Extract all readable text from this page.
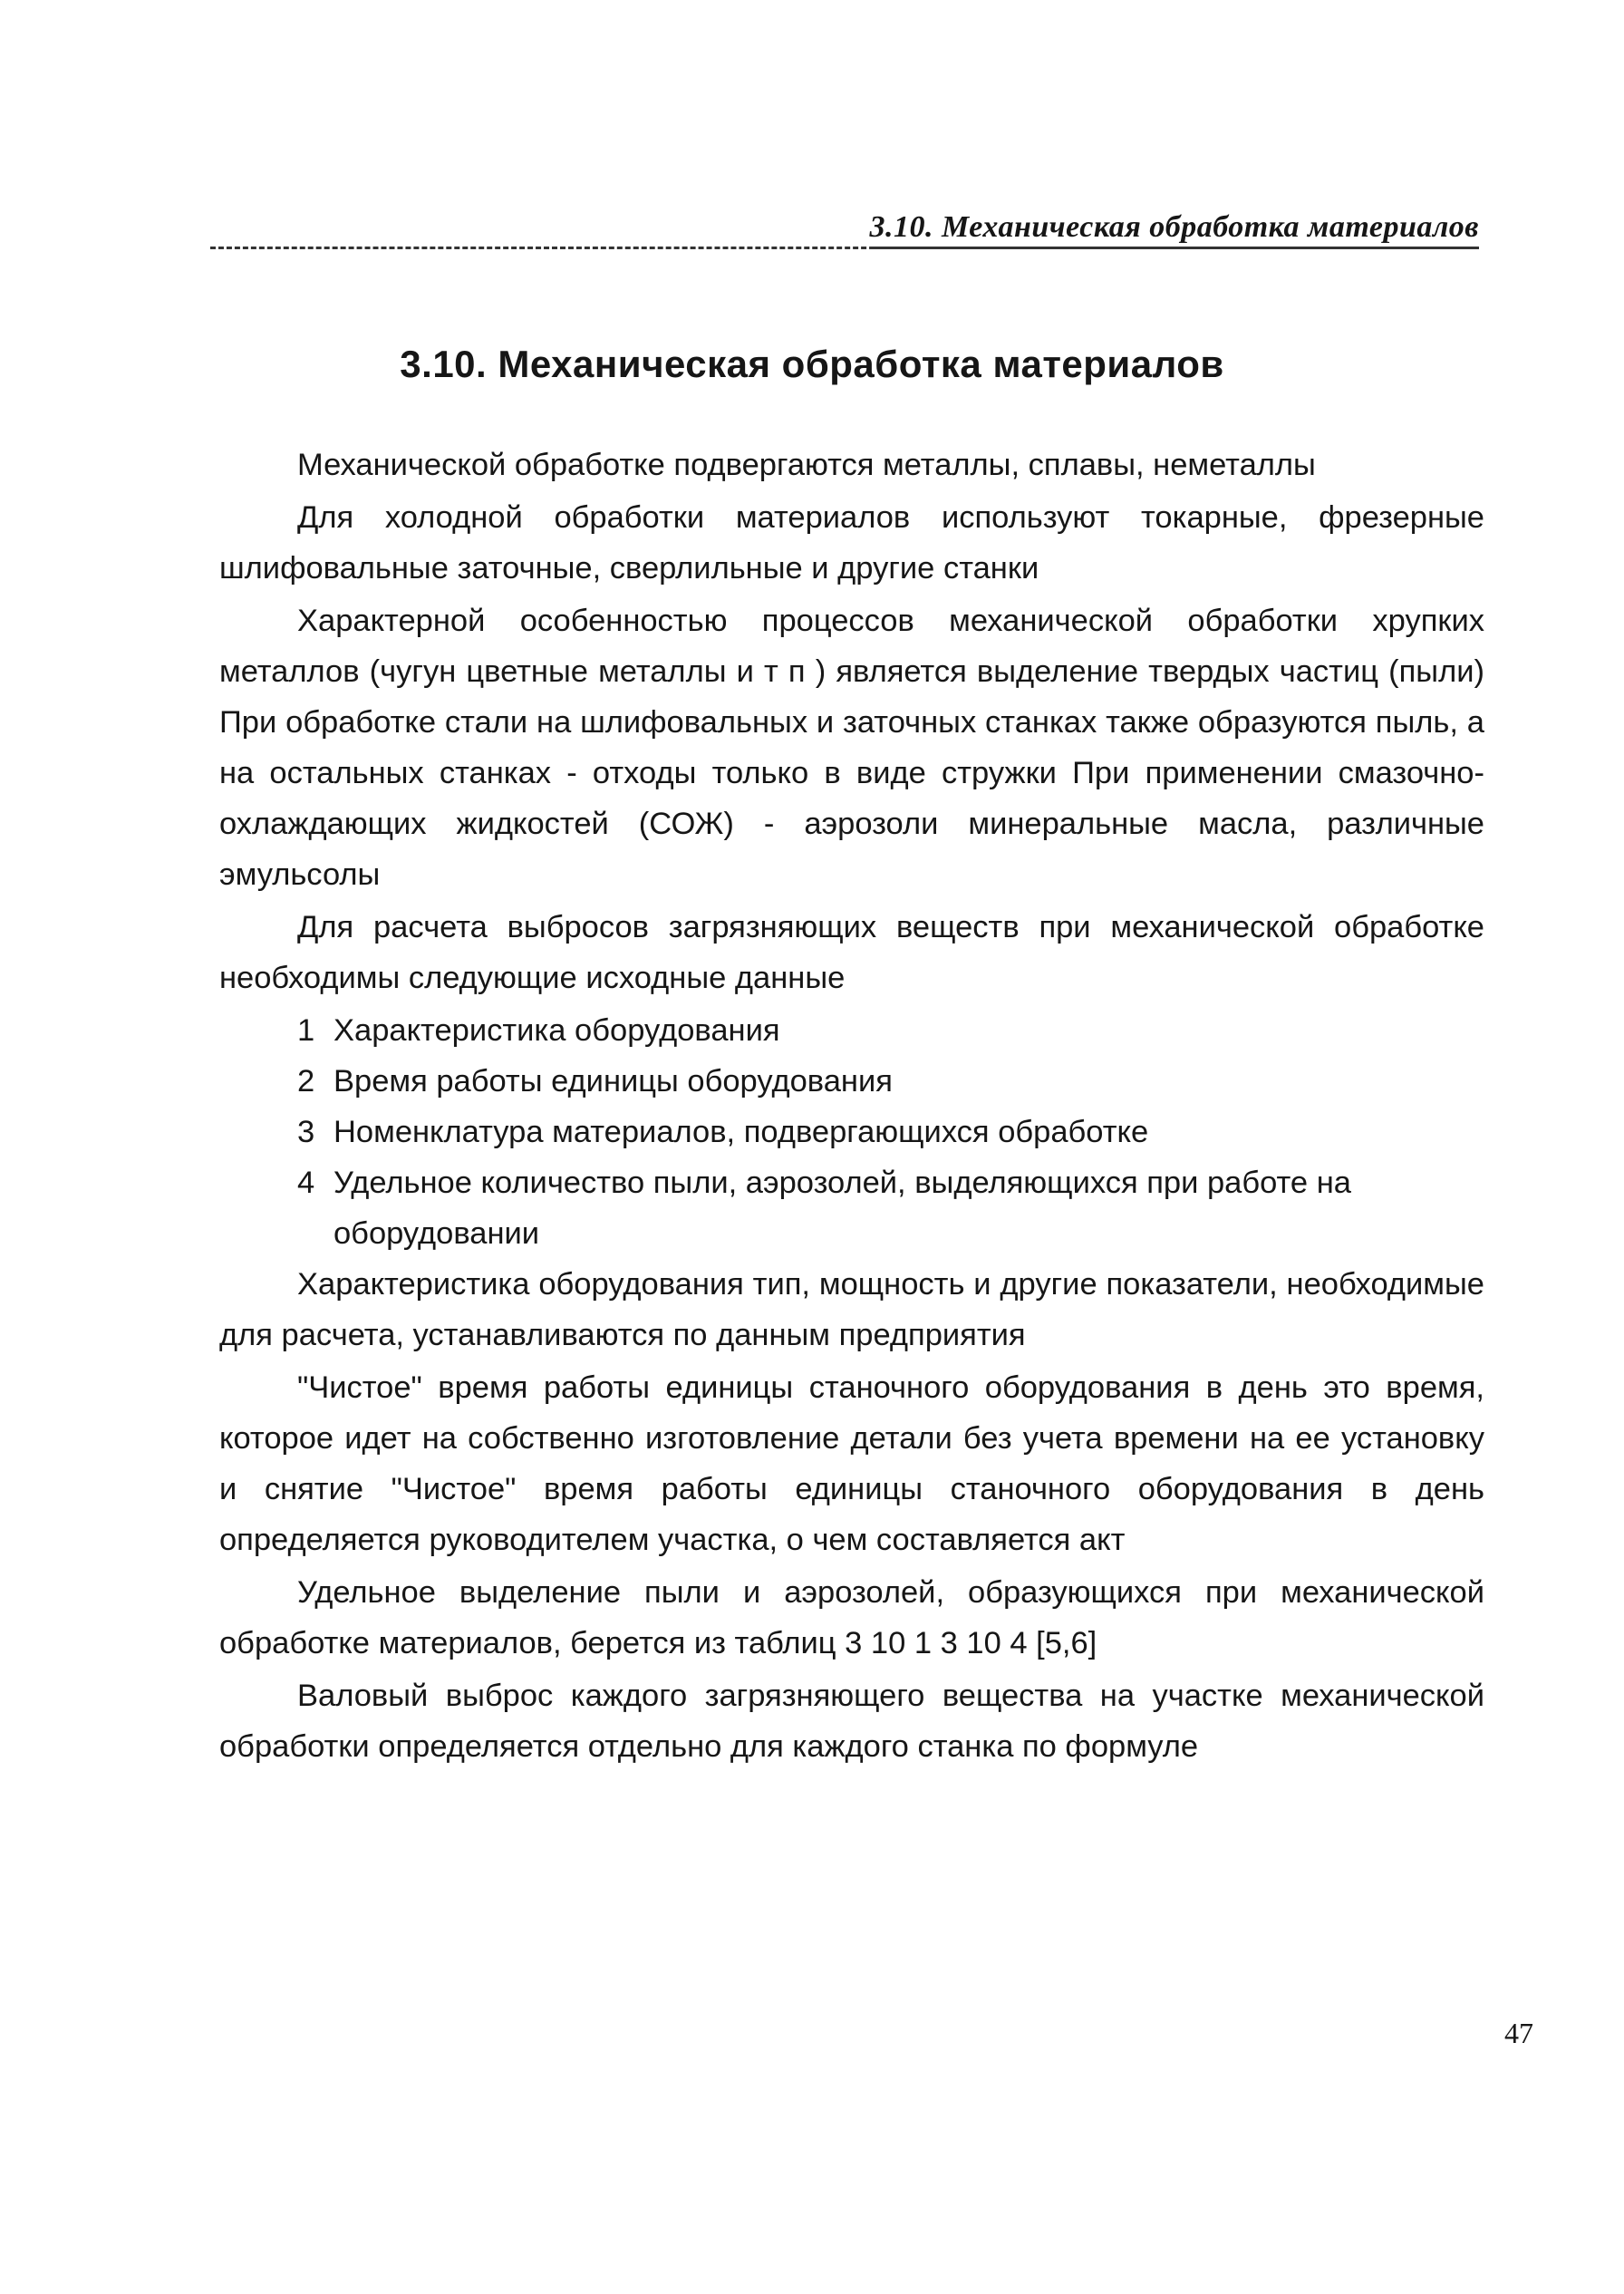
3.10. Механическая обработка материалов
3.10. Механическая обработка материалов

Механической обработке подвергаются металлы, сплавы, неметаллы

Для холодной обработки материалов используют токарные, фрезерные шлифовальные заточные, сверлильные и другие станки

Характерной особенностью процессов механической обработки хрупких металлов (чугун цветные металлы и т п ) является выделение твердых частиц (пыли) При обработке стали на шлифовальных и заточных станках также образуются пыль, а на остальных станках - отходы только в виде стружки При применении смазочно-охлаждающих жидкостей (СОЖ) - аэрозоли минеральные масла, различные эмульсолы

Для расчета выбросов загрязняющих веществ при механической обработке необходимы следующие исходные данные

1 Характеристика оборудования
2 Время работы единицы оборудования
3 Номенклатура материалов, подвергающихся обработке
4 Удельное количество пыли, аэрозолей, выделяющихся при работе на оборудовании

Характеристика оборудования тип, мощность и другие показатели, необходимые для расчета, устанавливаются по данным предприятия

"Чистое" время работы единицы станочного оборудования в день это время, которое идет на собственно изготовление детали без учета времени на ее установку и снятие "Чистое" время работы единицы станочного оборудования в день определяется руководителем участка, о чем составляется акт

Удельное выделение пыли и аэрозолей, образующихся при механической обработке материалов, берется из таблиц 3 10 1 3 10 4 [5,6]

Валовый выброс каждого загрязняющего вещества на участке механической обработки определяется отдельно для каждого станка по формуле

47
